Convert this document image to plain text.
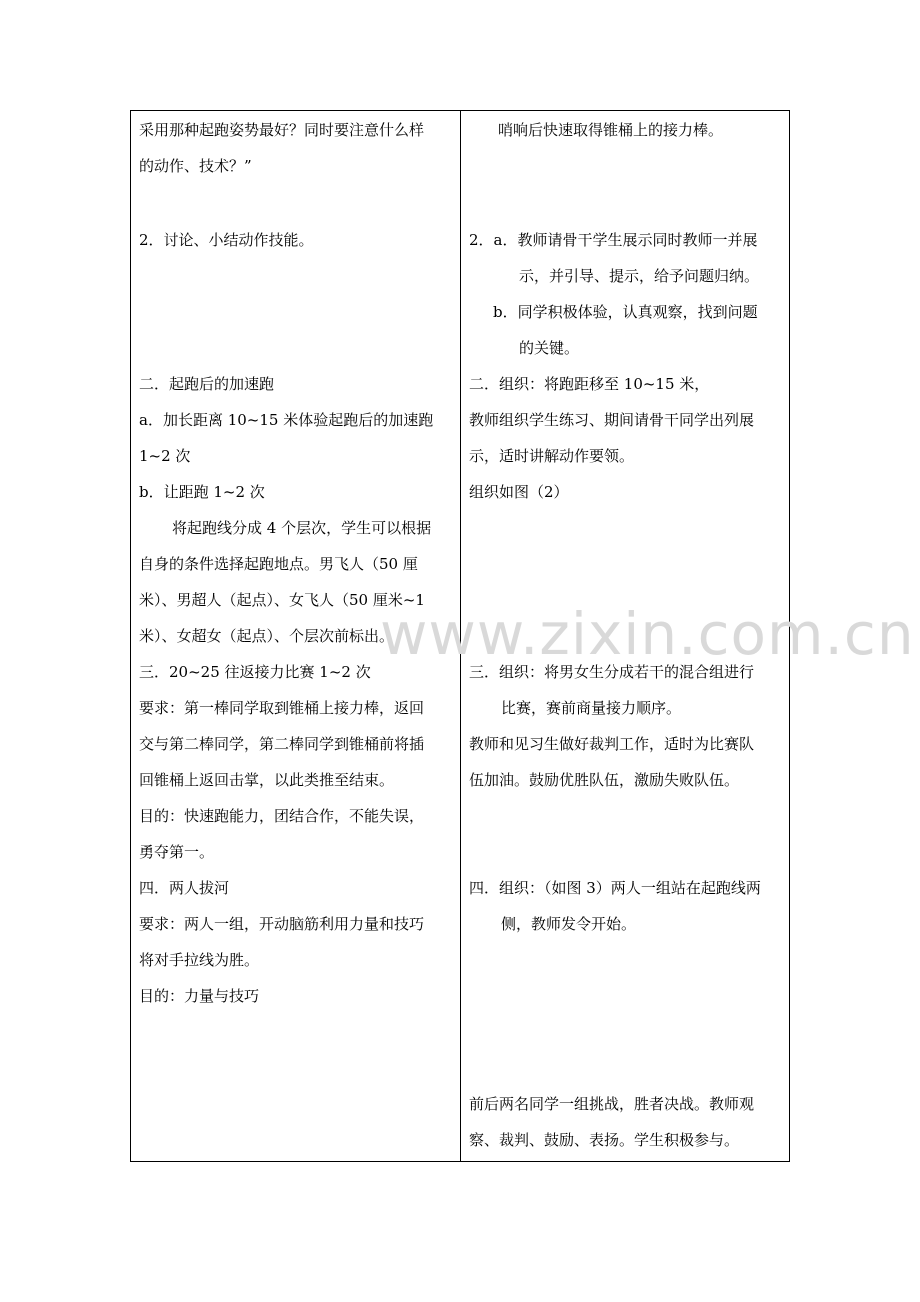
采用那种起跑姿势最好？同时要注意什么样
的动作、技术？”
2．讨论、小结动作技能。
二．起跑后的加速跑
a．加长距离 10~15 米体验起跑后的加速跑
1~2 次
b．让距跑 1~2 次
将起跑线分成 4 个层次，学生可以根据
自身的条件选择起跑地点。男飞人（50 厘
米）、男超人（起点）、女飞人（50 厘米~1
米）、女超女（起点）、个层次前标出。
三．20~25 往返接力比赛 1~2 次
要求：第一棒同学取到锥桶上接力棒，返回
交与第二棒同学，第二棒同学到锥桶前将插
回锥桶上返回击掌，以此类推至结束。
目的：快速跑能力，团结合作，不能失误，
勇夺第一。
四．两人拔河
要求：两人一组，开动脑筋利用力量和技巧
将对手拉线为胜。
目的：力量与技巧
哨响后快速取得锥桶上的接力棒。
2．a．教师请骨干学生展示同时教师一并展
示，并引导、提示，给予问题归纳。
b．同学积极体验，认真观察，找到问题
的关键。
二．组织：将跑距移至 10~15 米，
教师组织学生练习、期间请骨干同学出列展
示，适时讲解动作要领。
组织如图（2）
三．组织：将男女生分成若干的混合组进行
比赛，赛前商量接力顺序。
教师和见习生做好裁判工作，适时为比赛队
伍加油。鼓励优胜队伍，激励失败队伍。
四．组织：（如图 3）两人一组站在起跑线两
侧，教师发令开始。
前后两名同学一组挑战，胜者决战。教师观
察、裁判、鼓励、表扬。学生积极参与。
www.zixin.com.cn
